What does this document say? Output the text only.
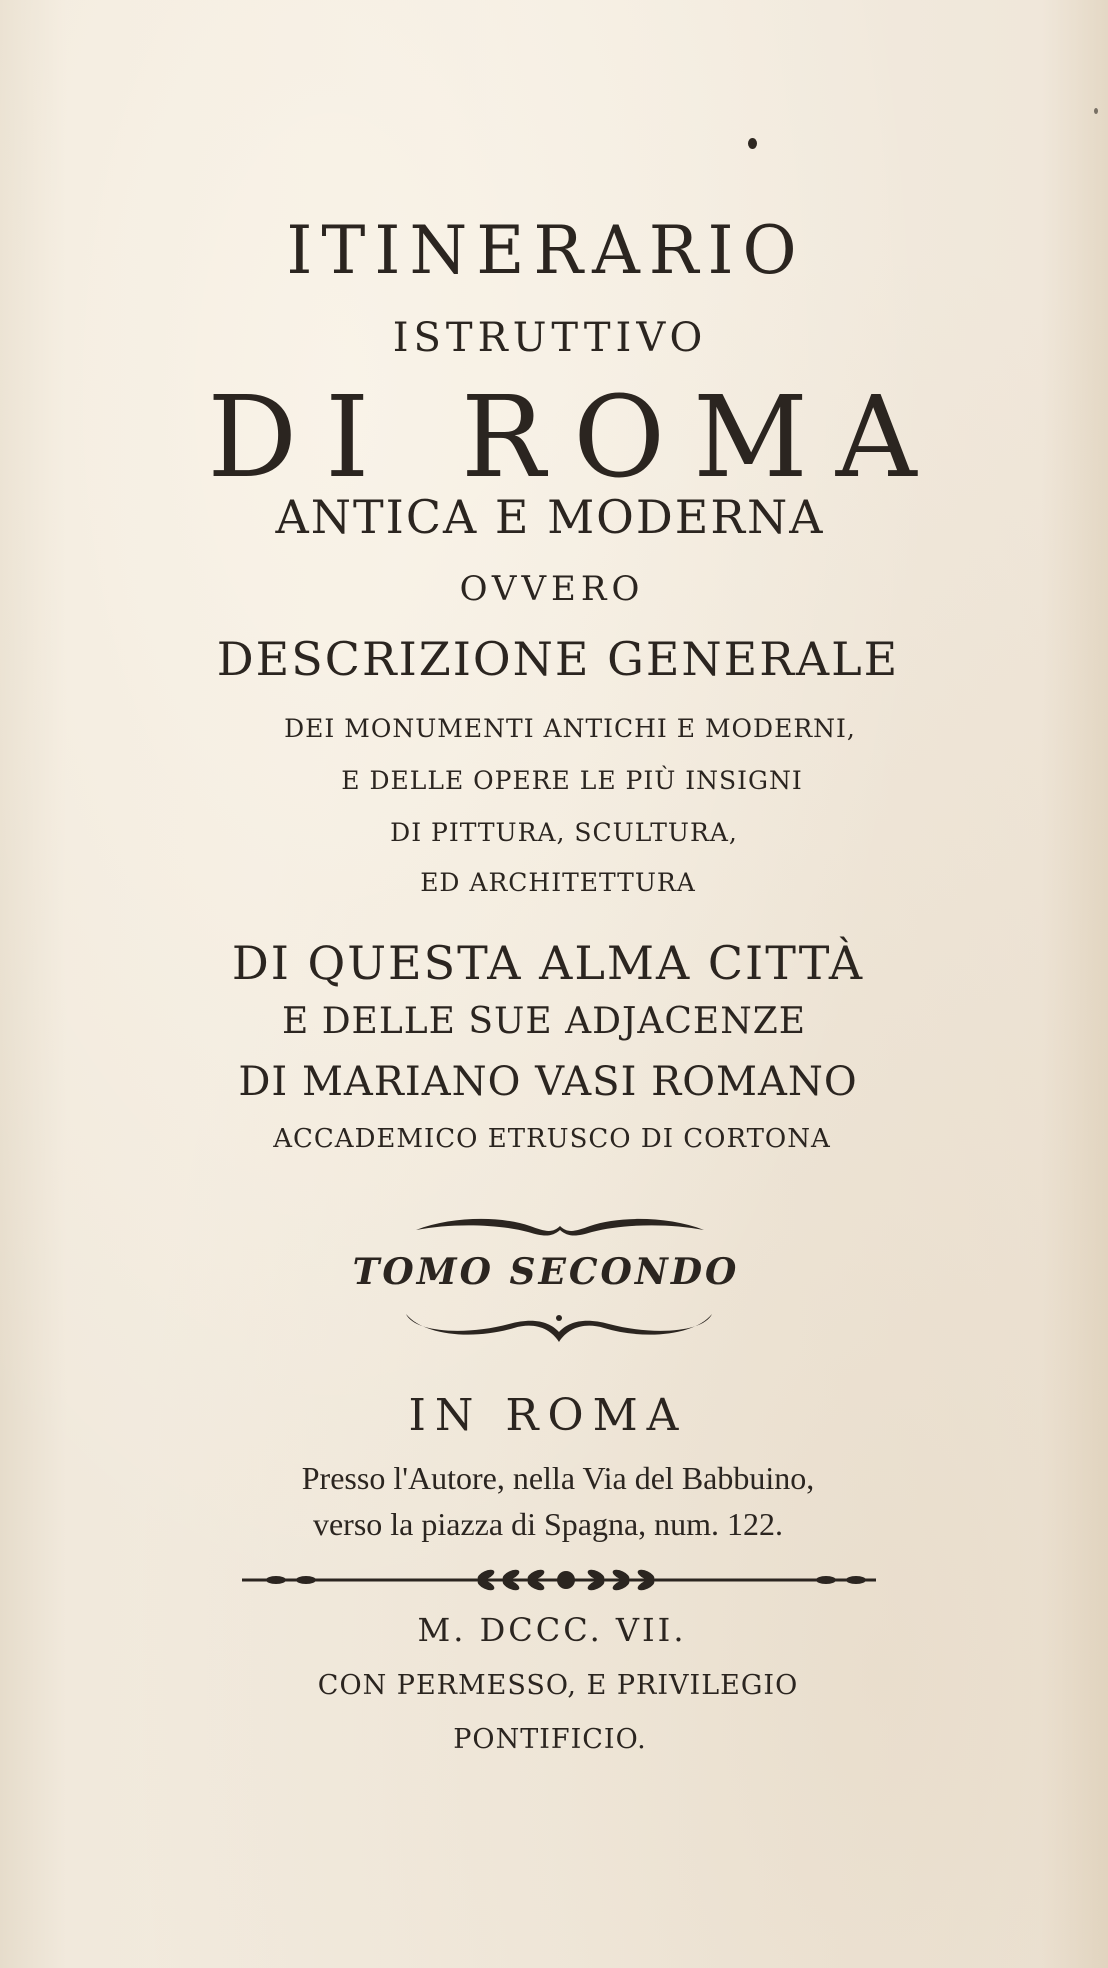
ITINERARIO
ISTRUTTIVO
DI ROMA
ANTICA E MODERNA
OVVERO
DESCRIZIONE GENERALE
DEI MONUMENTI ANTICHI E MODERNI,
E DELLE OPERE LE PIÙ INSIGNI
DI PITTURA, SCULTURA,
ED ARCHITETTURA
DI QUESTA ALMA CITTÀ
E DELLE SUE ADJACENZE
DI MARIANO VASI ROMANO
ACCADEMICO ETRUSCO DI CORTONA
TOMO SECONDO
IN ROMA
Presso l'Autore, nella Via del Babbuino,
verso la piazza di Spagna, num. 122.
M. DCCC. VII.
CON PERMESSO, E PRIVILEGIO
PONTIFICIO.
